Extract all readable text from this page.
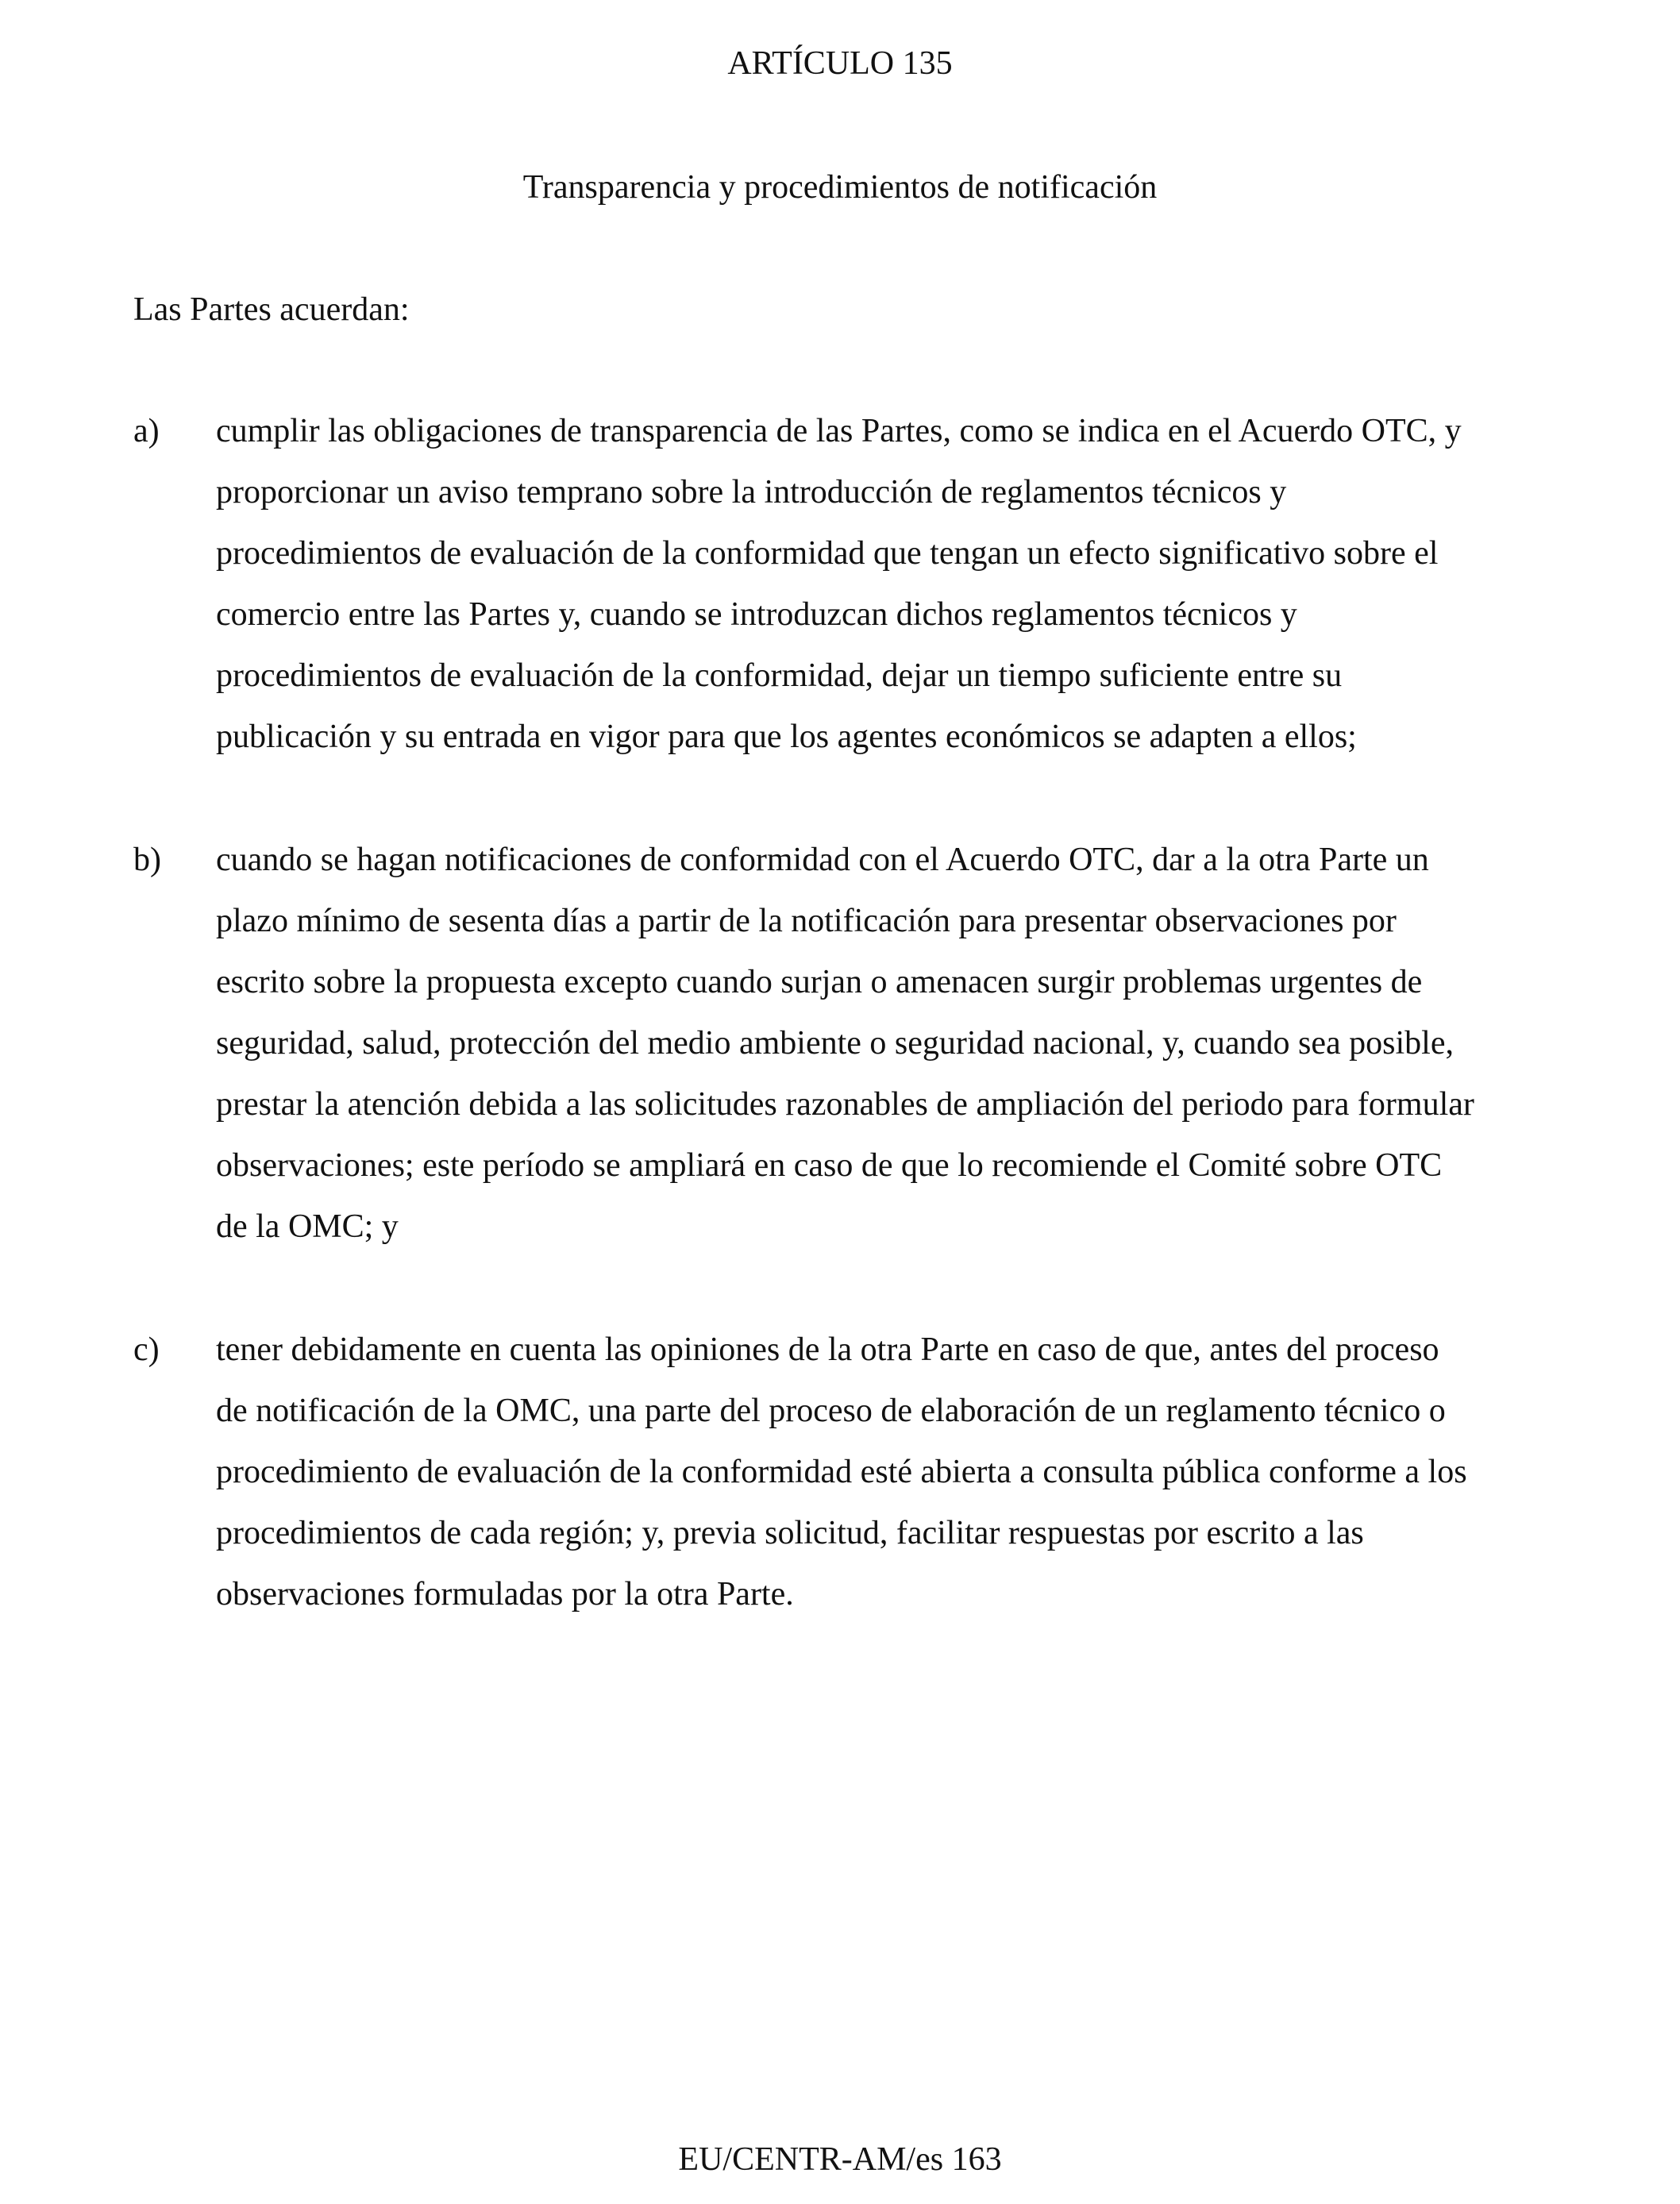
ARTÍCULO 135
Transparencia y procedimientos de notificación

Las Partes acuerdan:

a) cumplir las obligaciones de transparencia de las Partes, como se indica en el Acuerdo OTC, y
proporcionar un aviso temprano sobre la introducción de reglamentos técnicos y
procedimientos de evaluación de la conformidad que tengan un efecto significativo sobre el
comercio entre las Partes y, cuando se introduzcan dichos reglamentos técnicos y
procedimientos de evaluación de la conformidad, dejar un tiempo suficiente entre su
publicación y su entrada en vigor para que los agentes económicos se adapten a ellos;
b) cuando se hagan notificaciones de conformidad con el Acuerdo OTC, dar a la otra Parte un
plazo mínimo de sesenta días a partir de la notificación para presentar observaciones por
escrito sobre la propuesta excepto cuando surjan o amenacen surgir problemas urgentes de
seguridad, salud, protección del medio ambiente o seguridad nacional, y, cuando sea posible,
prestar la atención debida a las solicitudes razonables de ampliación del periodo para formular
observaciones; este período se ampliará en caso de que lo recomiende el Comité sobre OTC
de la OMC; y
c) tener debidamente en cuenta las opiniones de la otra Parte en caso de que, antes del proceso
de notificación de la OMC, una parte del proceso de elaboración de un reglamento técnico o
procedimiento de evaluación de la conformidad esté abierta a consulta pública conforme a los
procedimientos de cada región; y, previa solicitud, facilitar respuestas por escrito a las
observaciones formuladas por la otra Parte.

EU/CENTR-AM/es 163
